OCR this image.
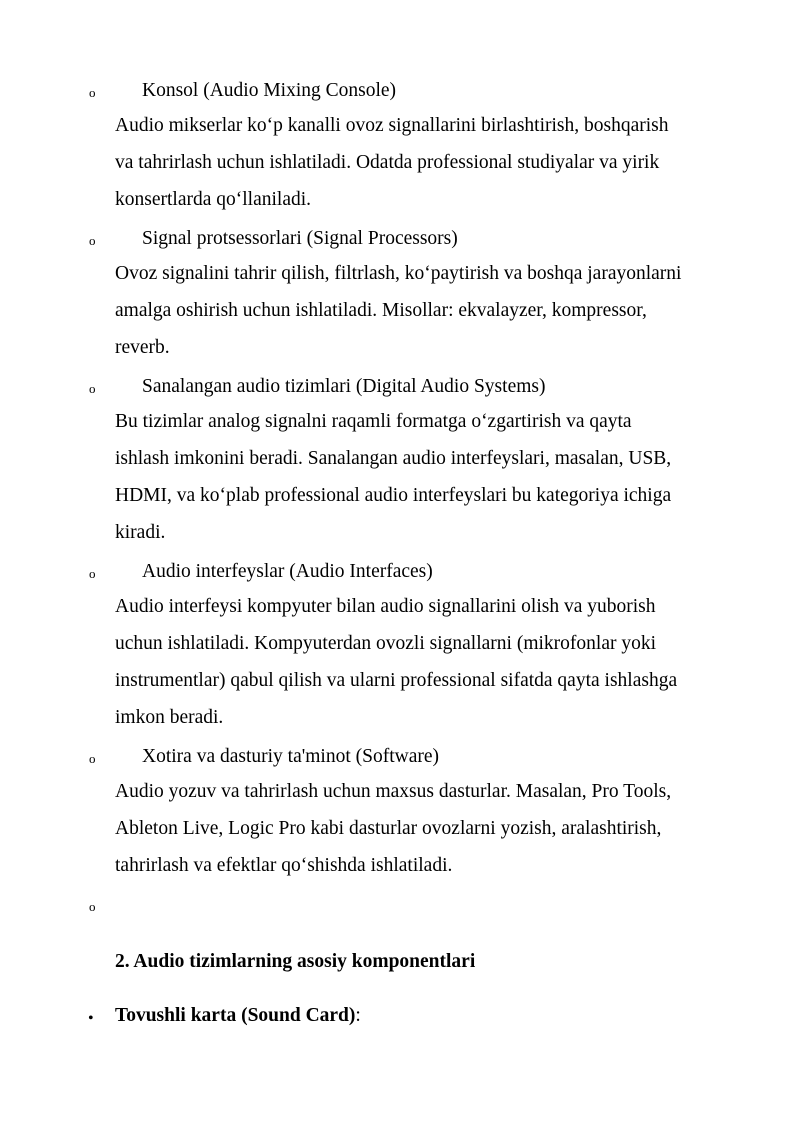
o Konsol (Audio Mixing Console)
Audio mikserlar ko‘p kanalli ovoz signallarini birlashtirish, boshqarish
va tahrirlash uchun ishlatiladi. Odatda professional studiyalar va yirik
konsertlarda qo‘llaniladi.
o Signal protsessorlari (Signal Processors)
Ovoz signalini tahrir qilish, filtrlash, ko‘paytirish va boshqa jarayonlarni
amalga oshirish uchun ishlatiladi. Misollar: ekvalayzer, kompressor,
reverb.
o Sanalangan audio tizimlari (Digital Audio Systems)
Bu tizimlar analog signalni raqamli formatga o‘zgartirish va qayta
ishlash imkonini beradi. Sanalangan audio interfeyslari, masalan, USB,
HDMI, va ko‘plab professional audio interfeyslari bu kategoriya ichiga
kiradi.
o Audio interfeyslar (Audio Interfaces)
Audio interfeysi kompyuter bilan audio signallarini olish va yuborish
uchun ishlatiladi. Kompyuterdan ovozli signallarni (mikrofonlar yoki
instrumentlar) qabul qilish va ularni professional sifatda qayta ishlashga
imkon beradi.
o Xotira va dasturiy ta'minot (Software)
Audio yozuv va tahrirlash uchun maxsus dasturlar. Masalan, Pro Tools,
Ableton Live, Logic Pro kabi dasturlar ovozlarni yozish, aralashtirish,
tahrirlash va efektlar qo‘shishda ishlatiladi.
o
2. Audio tizimlarning asosiy komponentlari
• Tovushli karta (Sound Card):
